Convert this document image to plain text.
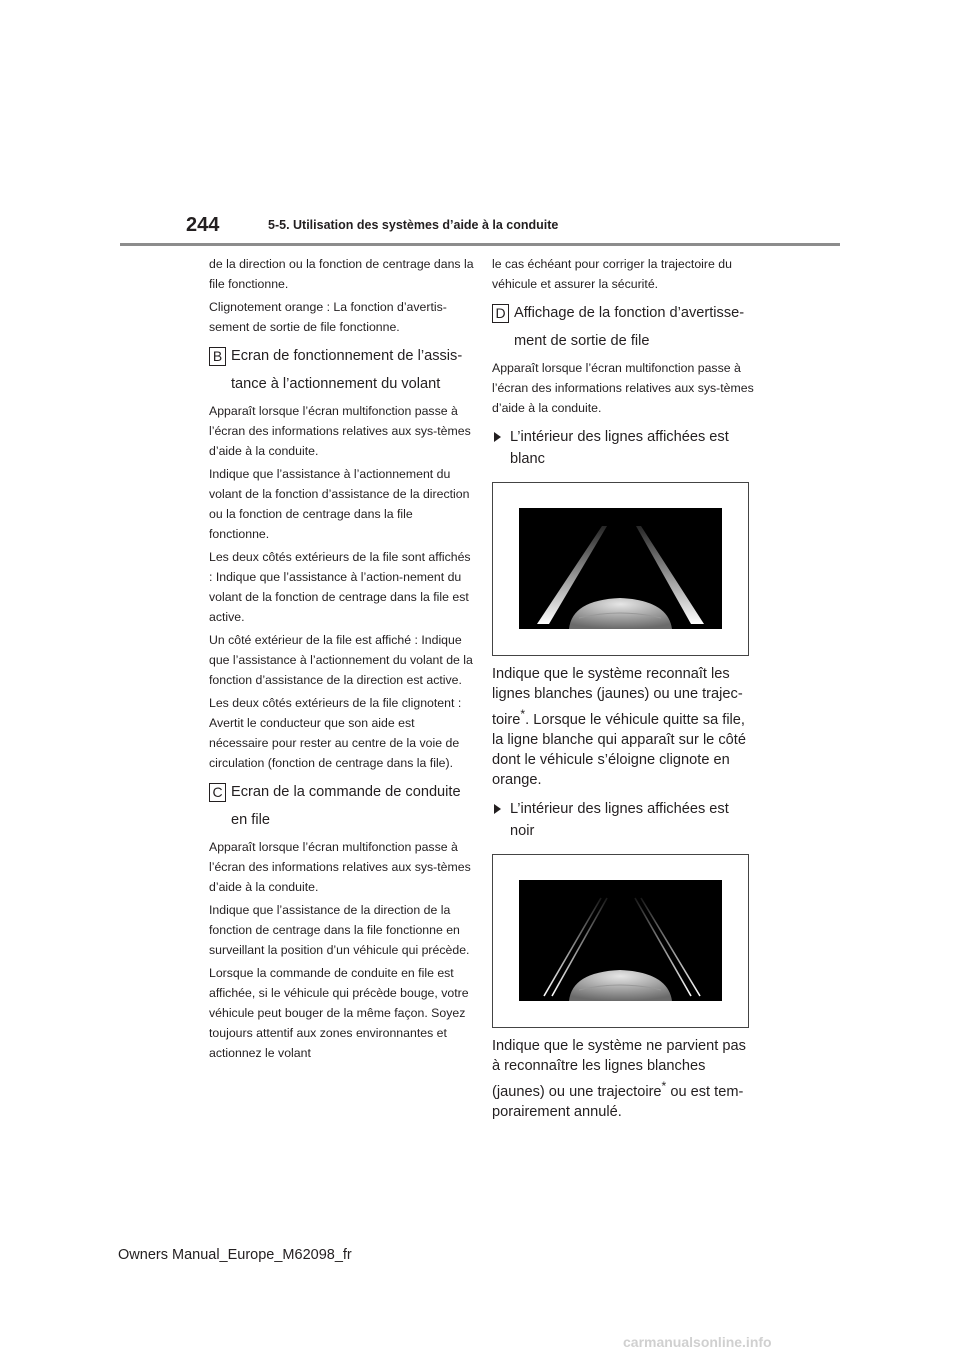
244	5-5. Utilisation des systèmes d’aide à la conduite

de la direction ou la fonction de centrage dans la file fonctionne.

Clignotement orange : La fonction d’avertis-sement de sortie de file fonctionne.

B Ecran de fonctionnement de l’assis-tance à l’actionnement du volant

Apparaît lorsque l’écran multifonction passe à l’écran des informations relatives aux sys-tèmes d’aide à la conduite.

Indique que l’assistance à l’actionnement du volant de la fonction d’assistance de la direction ou la fonction de centrage dans la file fonctionne.

Les deux côtés extérieurs de la file sont affichés : Indique que l’assistance à l’action-nement du volant de la fonction de centrage dans la file est active.

Un côté extérieur de la file est affiché : Indique que l’assistance à l’actionnement du volant de la fonction d’assistance de la direction est active.

Les deux côtés extérieurs de la file clignotent : Avertit le conducteur que son aide est nécessaire pour rester au centre de la voie de circulation (fonction de centrage dans la file).

C Ecran de la commande de conduite en file

Apparaît lorsque l’écran multifonction passe à l’écran des informations relatives aux sys-tèmes d’aide à la conduite.

Indique que l’assistance de la direction de la fonction de centrage dans la file fonctionne en surveillant la position d’un véhicule qui précède.

Lorsque la commande de conduite en file est affichée, si le véhicule qui précède bouge, votre véhicule peut bouger de la même façon. Soyez toujours attentif aux zones environnantes et actionnez le volant

le cas échéant pour corriger la trajectoire du véhicule et assurer la sécurité.

D Affichage de la fonction d’avertisse-ment de sortie de file

Apparaît lorsque l’écran multifonction passe à l’écran des informations relatives aux sys-tèmes d’aide à la conduite.

L’intérieur des lignes affichées est blanc

Indique que le système reconnaît les lignes blanches (jaunes) ou une trajec-toire*. Lorsque le véhicule quitte sa file, la ligne blanche qui apparaît sur le côté dont le véhicule s’éloigne clignote en orange.

L’intérieur des lignes affichées est noir

Indique que le système ne parvient pas à reconnaître les lignes blanches (jaunes) ou une trajectoire* ou est tem-porairement annulé.

Owners Manual_Europe_M62098_fr
carmanualsonline.info
